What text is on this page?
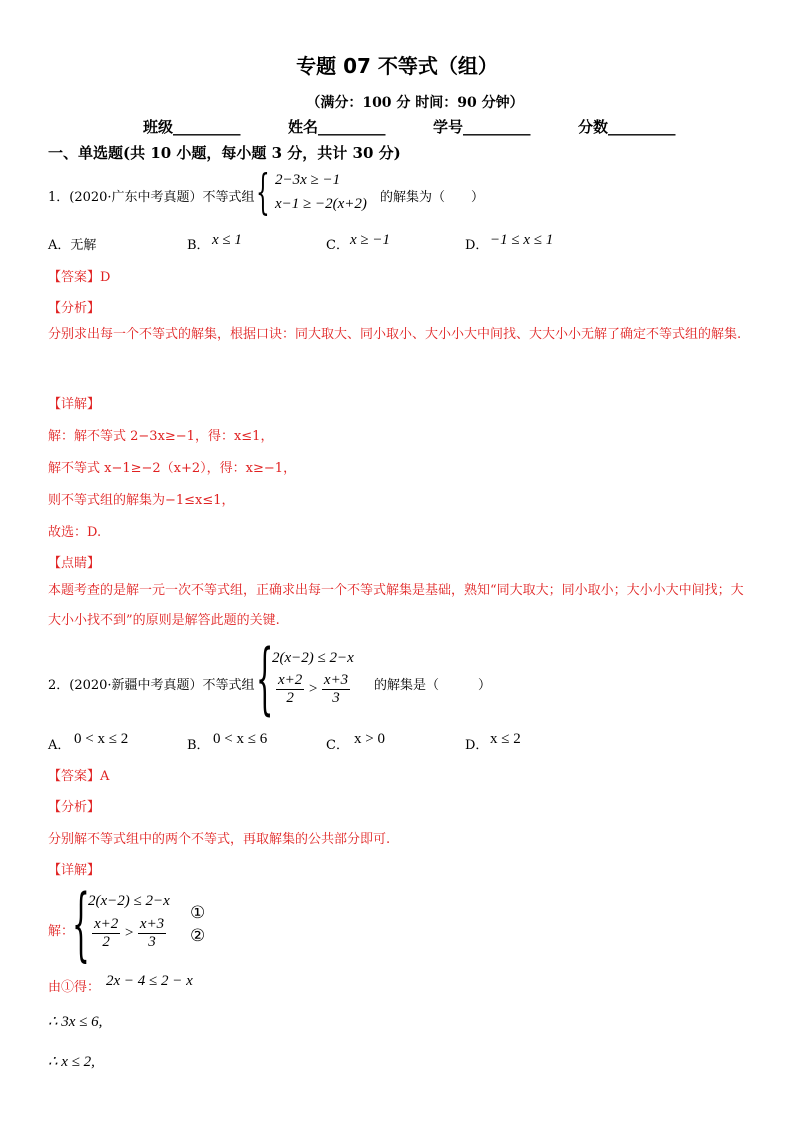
专题 07 不等式（组）
（满分：100 分 时间：90 分钟）
班级_________	姓名_________	学号_________	分数_________
一、单选题(共 10 小题，每小题 3 分，共计 30 分)
1．(2020·广东中考真题）不等式组 { 2−3x ≥ −1
x−1 ≥ −2(x+2) 的解集为（　　）
A．无解	B． x ≤ 1	C． x ≥ −1	D． −1 ≤ x ≤ 1
【答案】D
【分析】
分别求出每一个不等式的解集，根据口诀：同大取大、同小取小、大小小大中间找、大大小小无解了确定不等式组的解集.
【详解】
解：解不等式 2−3x≥−1，得：x≤1，
解不等式 x−1≥−2（x+2），得：x≥−1，
则不等式组的解集为−1≤x≤1，
故选：D.
【点睛】
本题考查的是解一元一次不等式组，正确求出每一个不等式解集是基础，熟知“同大取大；同小取小；大小小大中间找；大大小小找不到”的原则是解答此题的关键.
2．(2020·新疆中考真题）不等式组 {
2(x−2) ≤ 2−x
$\frac{x+2}{2} > \frac{x+3}{3}$ 的解集是（　　　）
A． 0 < x ≤ 2	B． 0 < x ≤ 6	C． x > 0	D． x ≤ 2
【答案】A
【分析】
分别解不等式组中的两个不等式，再取解集的公共部分即可.
【详解】
解：
{
2(x−2) ≤ 2−x
$\frac{x+2}{2} > \frac{x+3}{3}$
①
②
由①得： 2x − 4 ≤ 2 − x
∴ 3x ≤ 6,
∴ x ≤ 2,
